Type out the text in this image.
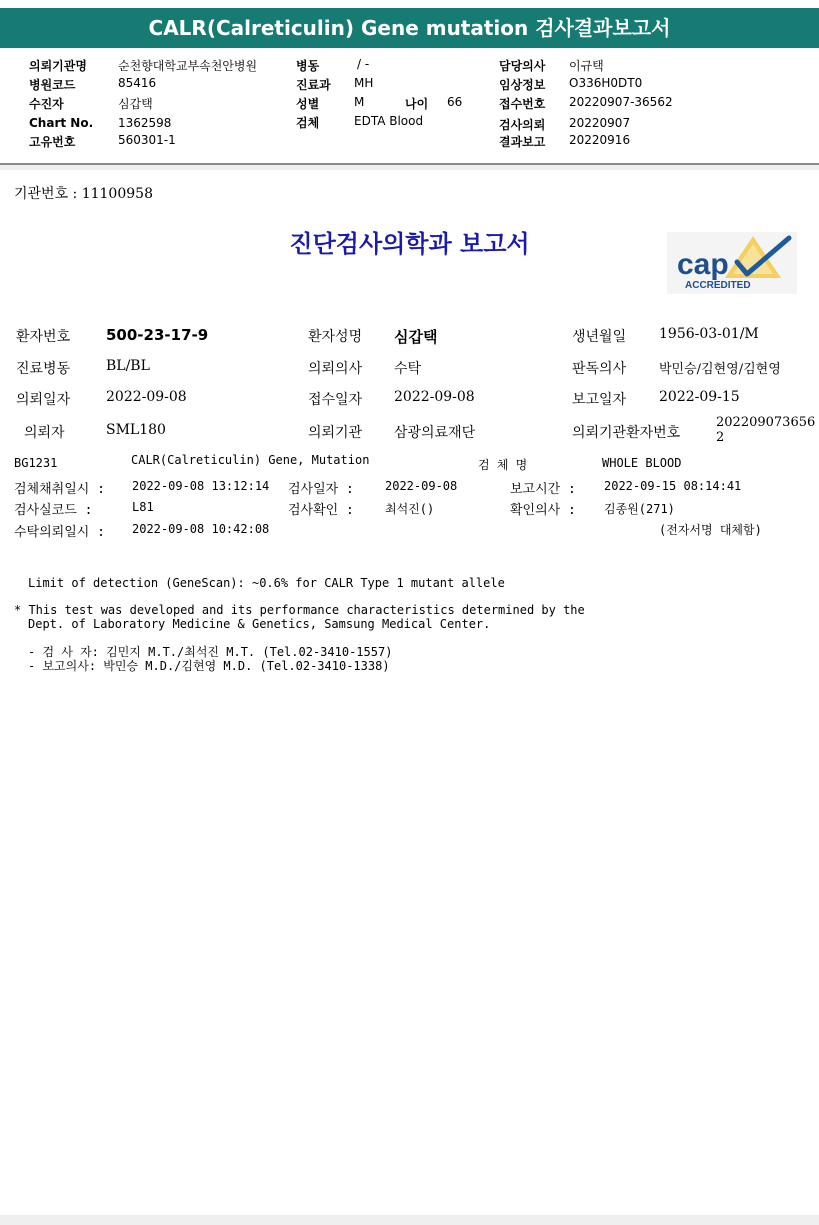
CALR(Calreticulin) Gene mutation 검사결과보고서
의뢰기관명	순천향대학교부속천안병원
병원코드	85416
수진자	심갑택
Chart No. 1362598
고유번호	560301-1
병동	/ -
진료과 MH
성별	M	나이 66
검체	EDTA Blood
담당의사 이규택
임상정보 O336H0DT0
접수번호 20220907-36562
검사의뢰 20220907
결과보고 20220916
기관번호 : 11100958
진단검사의학과 보고서
cap
ACCREDITED
환자번호 500-23-17-9	환자성명 심갑택	생년월일 1956-03-01/M
진료병동	BL/BL	의뢰의사 수탁	판독의사	박민승/김현영/김현영
의뢰일자	2022-09-08	접수일자 2022-09-08	보고일자 2022-09-15
의뢰자	SML180	의뢰기관 삼광의료재단	의뢰기관환자번호
202209073656
2
BG1231	CALR(Calreticulin) Gene, Mutation	검 체 명	WHOLE BLOOD
검체채취일시 : 2022-09-08 13:12:14 검사일자 :	2022-09-08	보고시간 : 2022-09-15 08:14:41
검사실코드 :	L81	검사확인 :	최석진()	확인의사 : 김종원(271)
수탁의뢰일시 : 2022-09-08 10:42:08	(전자서명 대체함)
Limit of detection (GeneScan): ~0.6% for CALR Type 1 mutant allele
* This test was developed and its performance characteristics determined by the
Dept. of Laboratory Medicine & Genetics, Samsung Medical Center.
- 검 사 자: 김민지 M.T./최석진 M.T. (Tel.02-3410-1557)
- 보고의사: 박민승 M.D./김현영 M.D. (Tel.02-3410-1338)
